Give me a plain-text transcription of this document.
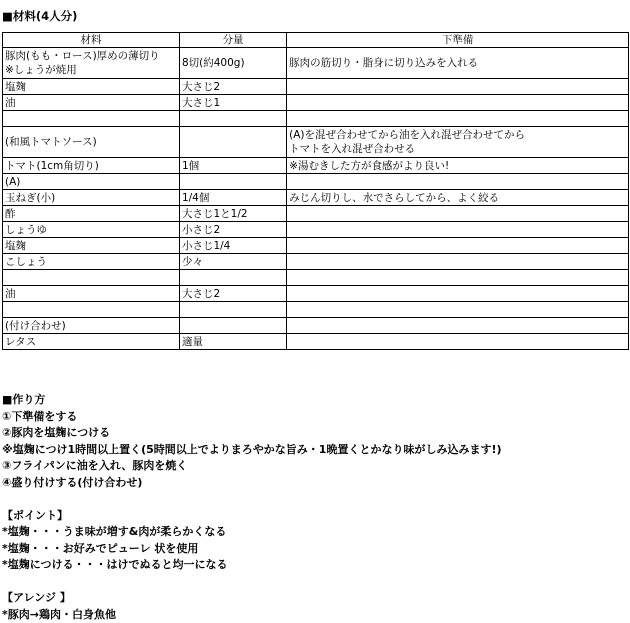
■材料(4人分)
材料	分量	下準備
豚肉(もも・ロース)厚めの薄切り
※しょうが焼用	8切(約400g)	豚肉の筋切り・脂身に切り込みを入れる
塩麹	大さじ2	
油	大さじ1	

(和風トマトソース)		(A)を混ぜ合わせてから油を入れ混ぜ合わせてから
トマトを入れ混ぜ合わせる
トマト(1cm角切り)	1個	※湯むきした方が食感がより良い!
(A)		
玉ねぎ(小)	1/4個	みじん切りし、水でさらしてから、よく絞る
酢	大さじ1と1/2	
しょうゆ	小さじ2	
塩麹	小さじ1/4	
こしょう	少々	

油	大さじ2	

(付け合わせ)		
レタス	適量	
■作り方
①下準備をする
②豚肉を塩麹につける
※塩麹につけ1時間以上置く(5時間以上でよりまろやかな旨み・1晩置くとかなり味がしみ込みます!)
③フライパンに油を入れ、豚肉を焼く
④盛り付けする(付け合わせ)
【ポイント】
*塩麹・・・うま味が増す&肉が柔らかくなる
*塩麹・・・お好みでピューレ 状を使用
*塩麹につける・・・はけでぬると均一になる
【アレンジ 】
*豚肉→鶏肉・白身魚他
